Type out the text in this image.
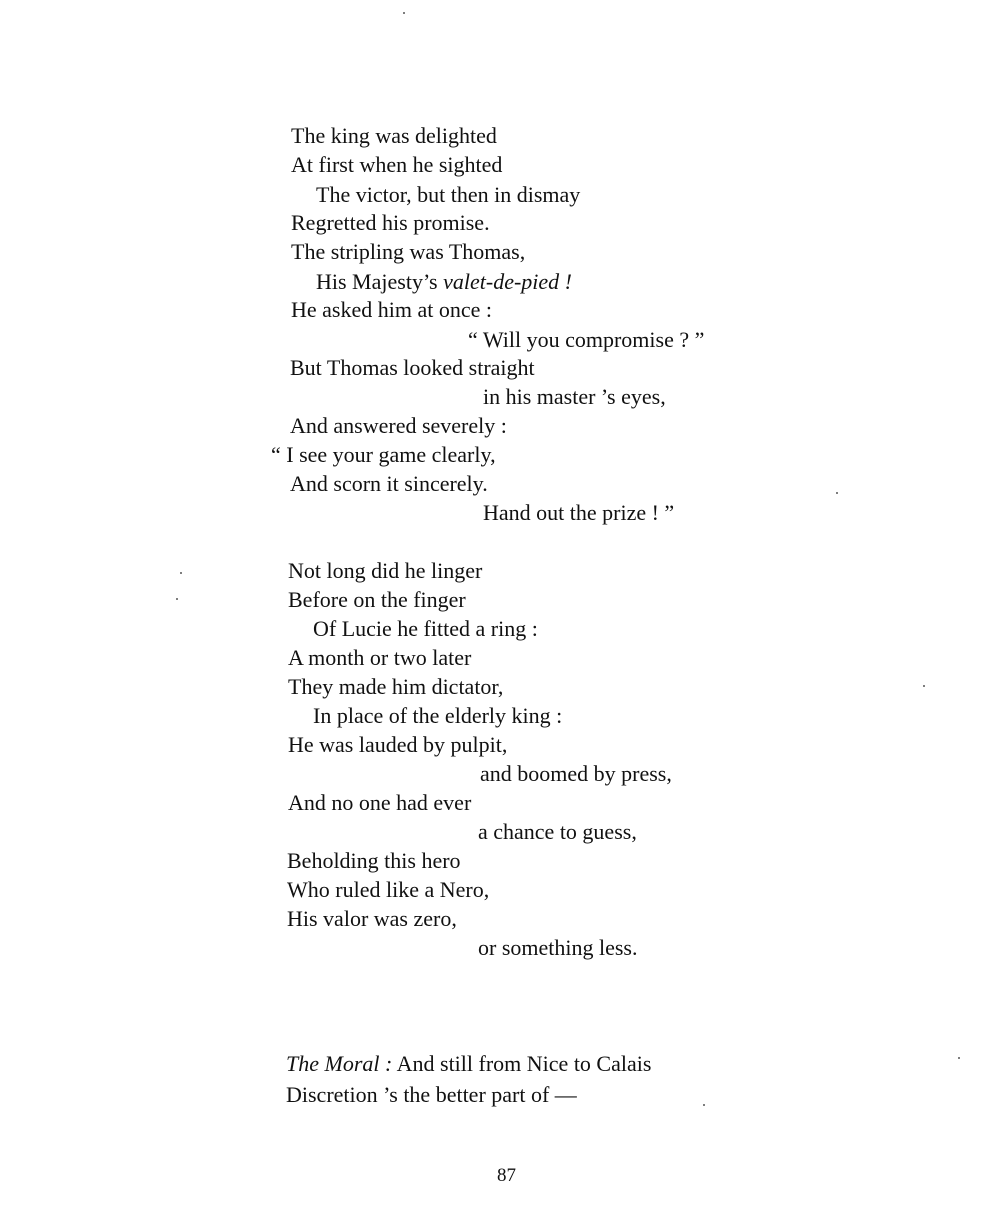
The king was delighted
At first when he sighted
The victor, but then in dismay
Regretted his promise.
The stripling was Thomas,
His Majesty’s valet-de-pied !
He asked him at once :
“ Will you compromise ? ”
But Thomas looked straight
in his master ’s eyes,
And answered severely :
“ I see your game clearly,
And scorn it sincerely.
Hand out the prize ! ”
Not long did he linger
Before on the finger
Of Lucie he fitted a ring :
A month or two later
They made him dictator,
In place of the elderly king :
He was lauded by pulpit,
and boomed by press,
And no one had ever
a chance to guess,
Beholding this hero
Who ruled like a Nero,
His valor was zero,
or something less.
The Moral : And still from Nice to Calais
Discretion ’s the better part of —
87
